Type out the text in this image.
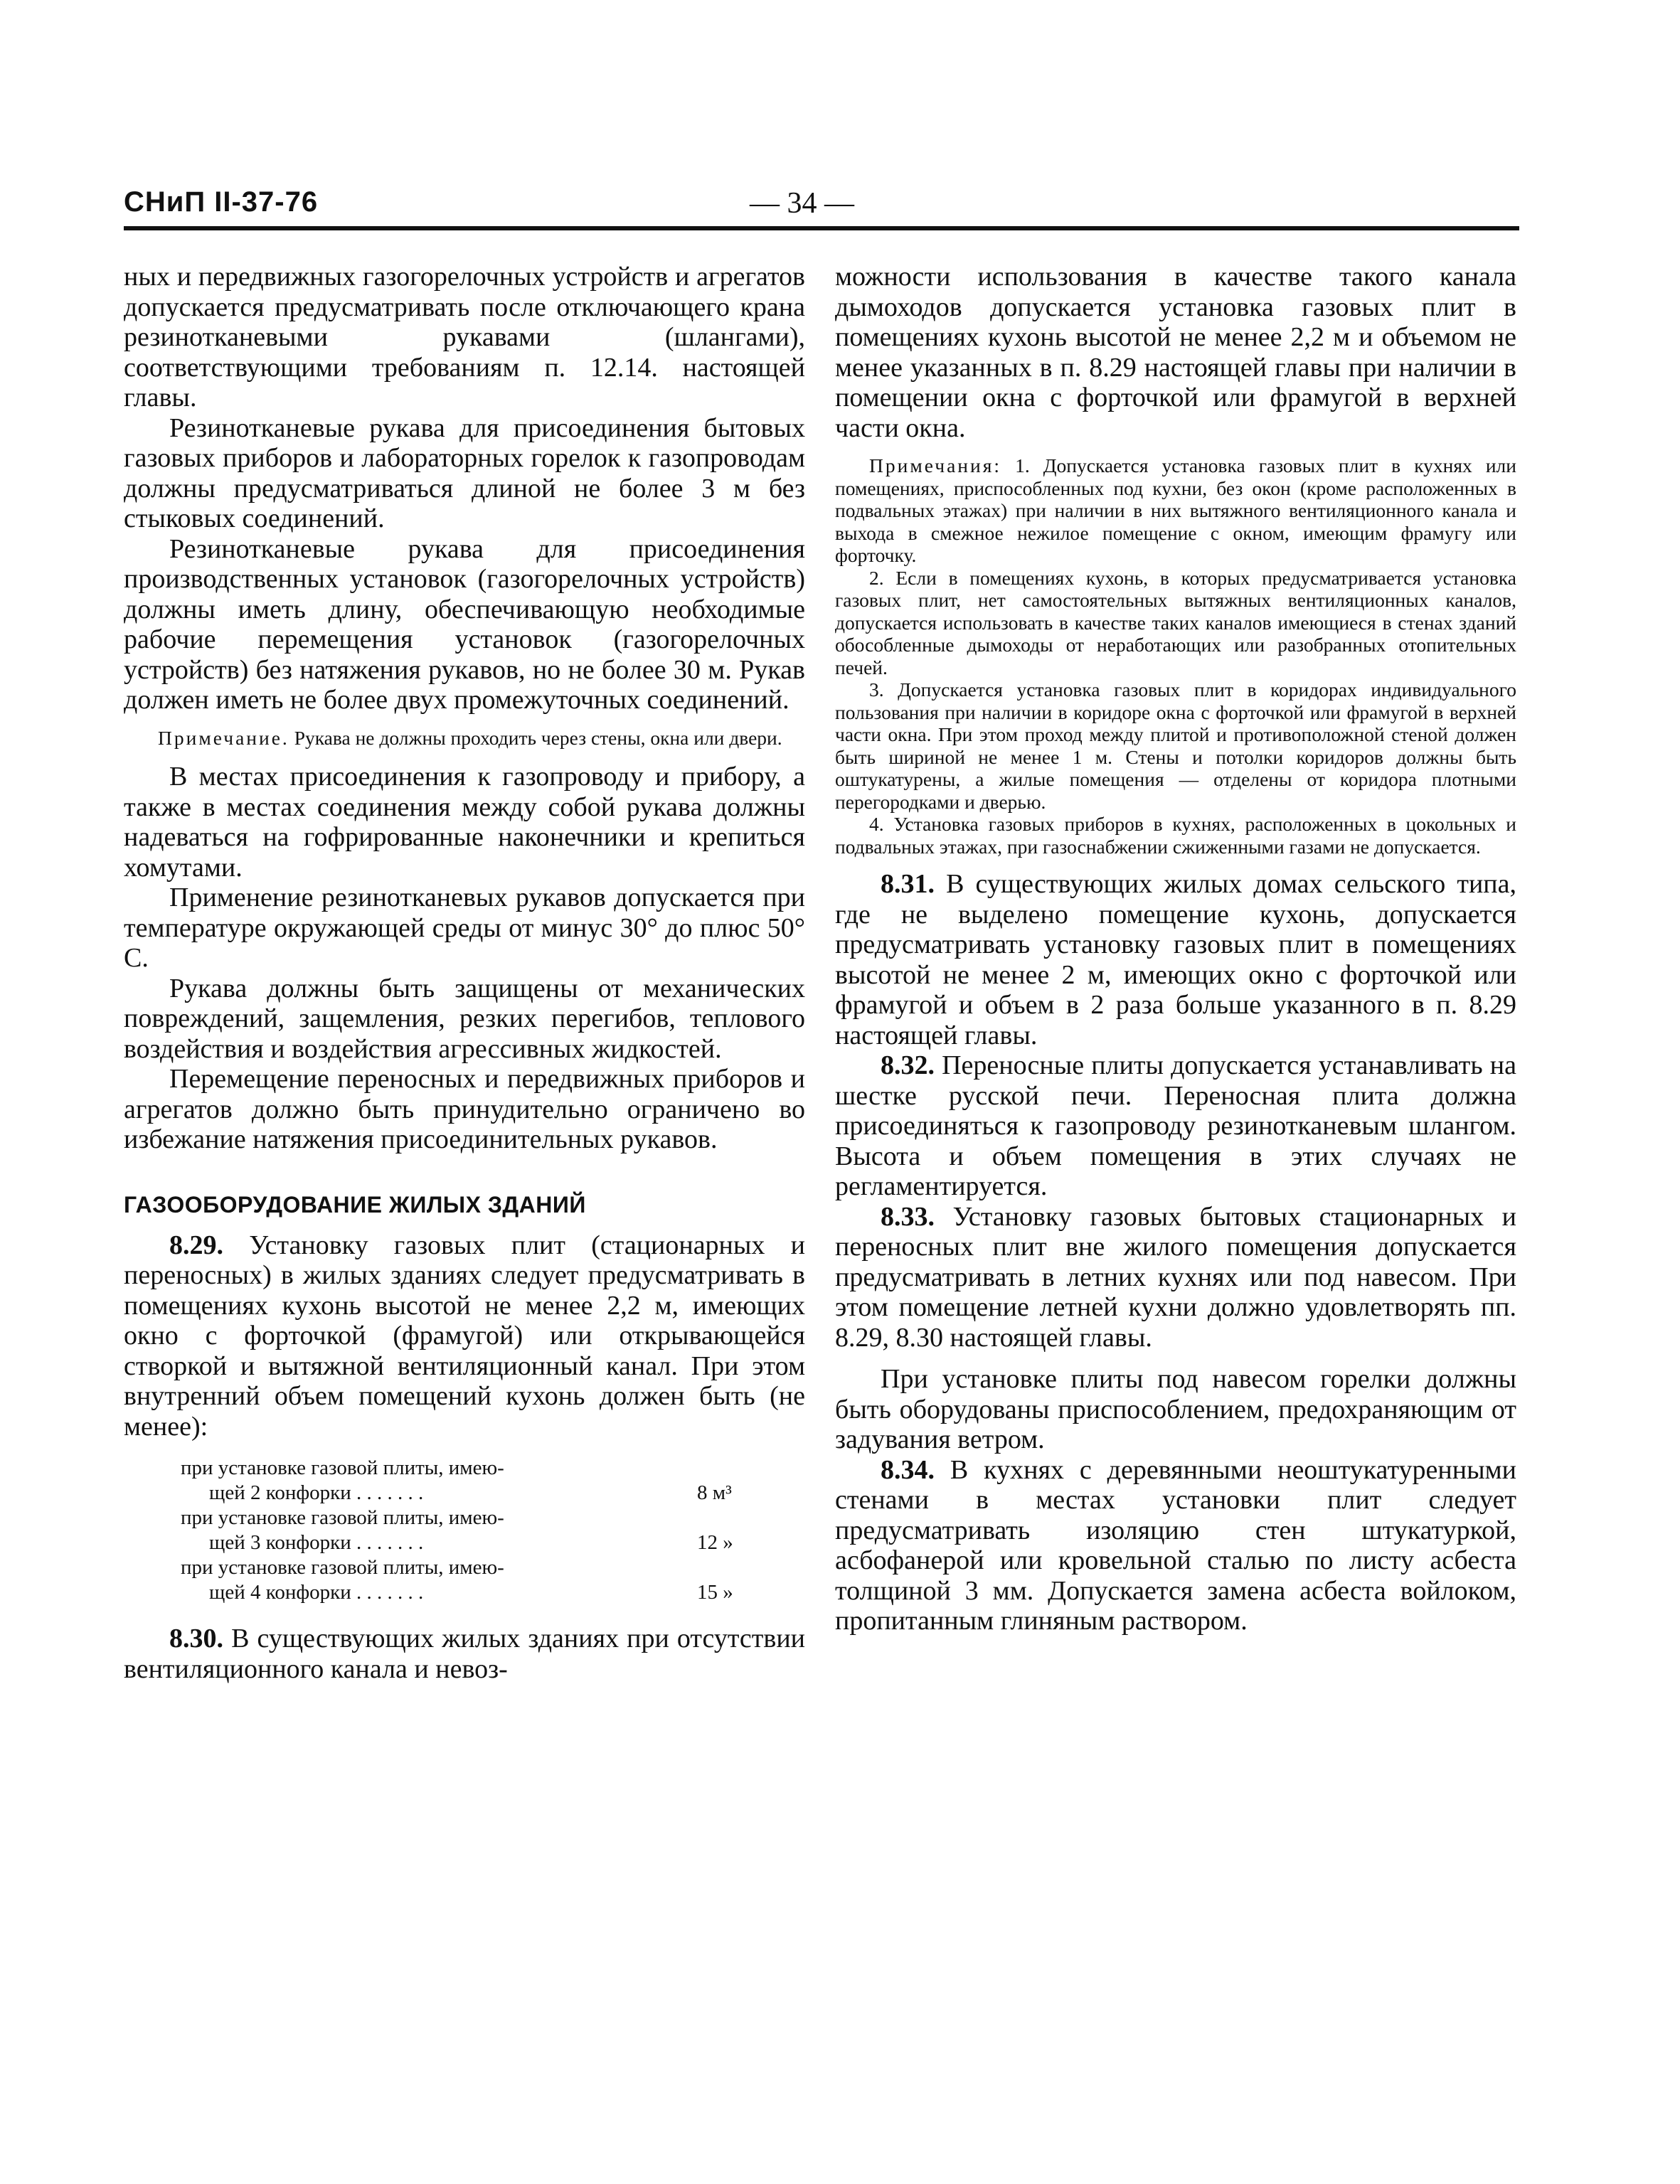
СНиП II-37-76	— 34 —

ных и передвижных газогорелочных устройств и агрегатов допускается предусматривать после отключающего крана резинотканевыми рукавами (шлангами), соответствующими требованиям п. 12.14. настоящей главы.

Резинотканевые рукава для присоединения бытовых газовых приборов и лабораторных горелок к газопроводам должны предусматриваться длиной не более 3 м без стыковых соединений.

Резинотканевые рукава для присоединения производственных установок (газогорелочных устройств) должны иметь длину, обеспечивающую необходимые рабочие перемещения установок (газогорелочных устройств) без натяжения рукавов, но не более 30 м. Рукав должен иметь не более двух промежуточных соединений.

Примечание. Рукава не должны проходить через стены, окна или двери.

В местах присоединения к газопроводу и прибору, а также в местах соединения между собой рукава должны надеваться на гофрированные наконечники и крепиться хомутами.

Применение резинотканевых рукавов допускается при температуре окружающей среды от минус 30° до плюс 50° С.

Рукава должны быть защищены от механических повреждений, защемления, резких перегибов, теплового воздействия и воздействия агрессивных жидкостей.

Перемещение переносных и передвижных приборов и агрегатов должно быть принудительно ограничено во избежание натяжения присоединительных рукавов.

ГАЗООБОРУДОВАНИЕ ЖИЛЫХ ЗДАНИЙ

8.29. Установку газовых плит (стационарных и переносных) в жилых зданиях следует предусматривать в помещениях кухонь высотой не менее 2,2 м, имеющих окно с форточкой (фрамугой) или открывающейся створкой и вытяжной вентиляционный канал. При этом внутренний объем помещений кухонь должен быть (не менее):

при установке газовой плиты, имею-
щей 2 конфорки . . . . . . .	8 м³
при установке газовой плиты, имею-
щей 3 конфорки . . . . . . .	12 »
при установке газовой плиты, имею-
щей 4 конфорки . . . . . . .	15 »

8.30. В существующих жилых зданиях при отсутствии вентиляционного канала и невоз-

можности использования в качестве такого канала дымоходов допускается установка газовых плит в помещениях кухонь высотой не менее 2,2 м и объемом не менее указанных в п. 8.29 настоящей главы при наличии в помещении окна с форточкой или фрамугой в верхней части окна.

Примечания: 1. Допускается установка газовых плит в кухнях или помещениях, приспособленных под кухни, без окон (кроме расположенных в подвальных этажах) при наличии в них вытяжного вентиляционного канала и выхода в смежное нежилое помещение с окном, имеющим фрамугу или форточку.

2. Если в помещениях кухонь, в которых предусматривается установка газовых плит, нет самостоятельных вытяжных вентиляционных каналов, допускается использовать в качестве таких каналов имеющиеся в стенах зданий обособленные дымоходы от неработающих или разобранных отопительных печей.

3. Допускается установка газовых плит в коридорах индивидуального пользования при наличии в коридоре окна с форточкой или фрамугой в верхней части окна. При этом проход между плитой и противоположной стеной должен быть шириной не менее 1 м. Стены и потолки коридоров должны быть оштукатурены, а жилые помещения — отделены от коридора плотными перегородками и дверью.

4. Установка газовых приборов в кухнях, расположенных в цокольных и подвальных этажах, при газоснабжении сжиженными газами не допускается.

8.31. В существующих жилых домах сельского типа, где не выделено помещение кухонь, допускается предусматривать установку газовых плит в помещениях высотой не менее 2 м, имеющих окно с форточкой или фрамугой и объем в 2 раза больше указанного в п. 8.29 настоящей главы.

8.32. Переносные плиты допускается устанавливать на шестке русской печи. Переносная плита должна присоединяться к газопроводу резинотканевым шлангом. Высота и объем помещения в этих случаях не регламентируется.

8.33. Установку газовых бытовых стационарных и переносных плит вне жилого помещения допускается предусматривать в летних кухнях или под навесом. При этом помещение летней кухни должно удовлетворять пп. 8.29, 8.30 настоящей главы.

При установке плиты под навесом горелки должны быть оборудованы приспособлением, предохраняющим от задувания ветром.

8.34. В кухнях с деревянными неоштукатуренными стенами в местах установки плит следует предусматривать изоляцию стен штукатуркой, асбофанерой или кровельной сталью по листу асбеста толщиной 3 мм. Допускается замена асбеста войлоком, пропитанным глиняным раствором.
